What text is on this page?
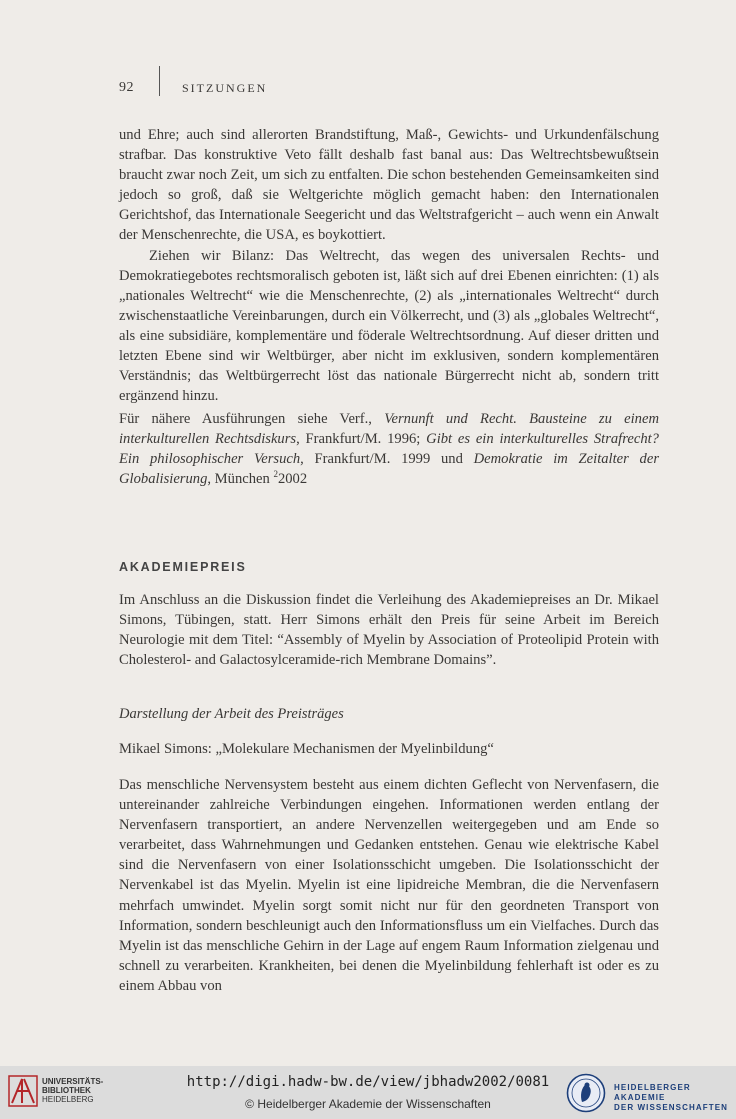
92	SITZUNGEN

und Ehre; auch sind allerorten Brandstiftung, Maß-, Gewichts- und Urkundenfälschung strafbar. Das konstruktive Veto fällt deshalb fast banal aus: Das Weltrechtsbewußtsein braucht zwar noch Zeit, um sich zu entfalten. Die schon bestehenden Gemeinsamkeiten sind jedoch so groß, daß sie Weltgerichte möglich gemacht haben: den Internationalen Gerichtshof, das Internationale Seegericht und das Weltstrafgericht – auch wenn ein Anwalt der Menschenrechte, die USA, es boykottiert.

Ziehen wir Bilanz: Das Weltrecht, das wegen des universalen Rechts- und Demokratiegebotes rechtsmoralisch geboten ist, läßt sich auf drei Ebenen einrichten: (1) als „nationales Weltrecht“ wie die Menschenrechte, (2) als „internationales Weltrecht“ durch zwischenstaatliche Vereinbarungen, durch ein Völkerrecht, und (3) als „globales Weltrecht“, als eine subsidiäre, komplementäre und föderale Weltrechtsordnung. Auf dieser dritten und letzten Ebene sind wir Weltbürger, aber nicht im exklusiven, sondern komplementären Verständnis; das Weltbürgerrecht löst das nationale Bürgerrecht nicht ab, sondern tritt ergänzend hinzu.

Für nähere Ausführungen siehe Verf., Vernunft und Recht. Bausteine zu einem interkulturellen Rechtsdiskurs, Frankfurt/M. 1996; Gibt es ein interkulturelles Strafrecht? Ein philosophischer Versuch, Frankfurt/M. 1999 und Demokratie im Zeitalter der Globalisierung, München $^2$2002

AKADEMIEPREIS

Im Anschluss an die Diskussion findet die Verleihung des Akademiepreises an Dr. Mikael Simons, Tübingen, statt. Herr Simons erhält den Preis für seine Arbeit im Bereich Neurologie mit dem Titel: “Assembly of Myelin by Association of Proteolipid Protein with Cholesterol- and Galactosylceramide-rich Membrane Domains”.

Darstellung der Arbeit des Preisträges
Mikael Simons: „Molekulare Mechanismen der Myelinbildung“

Das menschliche Nervensystem besteht aus einem dichten Geflecht von Nervenfasern, die untereinander zahlreiche Verbindungen eingehen. Informationen werden entlang der Nervenfasern transportiert, an andere Nervenzellen weitergegeben und am Ende so verarbeitet, dass Wahrnehmungen und Gedanken entstehen. Genau wie elektrische Kabel sind die Nervenfasern von einer Isolationsschicht umgeben. Die Isolationsschicht der Nervenkabel ist das Myelin. Myelin ist eine lipidreiche Membran, die die Nervenfasern mehrfach umwindet. Myelin sorgt somit nicht nur für den geordneten Transport von Information, sondern beschleunigt auch den Informationsfluss um ein Vielfaches. Durch das Myelin ist das menschliche Gehirn in der Lage auf engem Raum Information zielgenau und schnell zu verarbeiten. Krankheiten, bei denen die Myelinbildung fehlerhaft ist oder es zu einem Abbau von

UNIVERSITÄTS-
BIBLIOTHEK
HEIDELBERG
http://digi.hadw-bw.de/view/jbhadw2002/0081
© Heidelberger Akademie der Wissenschaften
HEIDELBERGER AKADEMIE
DER WISSENSCHAFTEN
